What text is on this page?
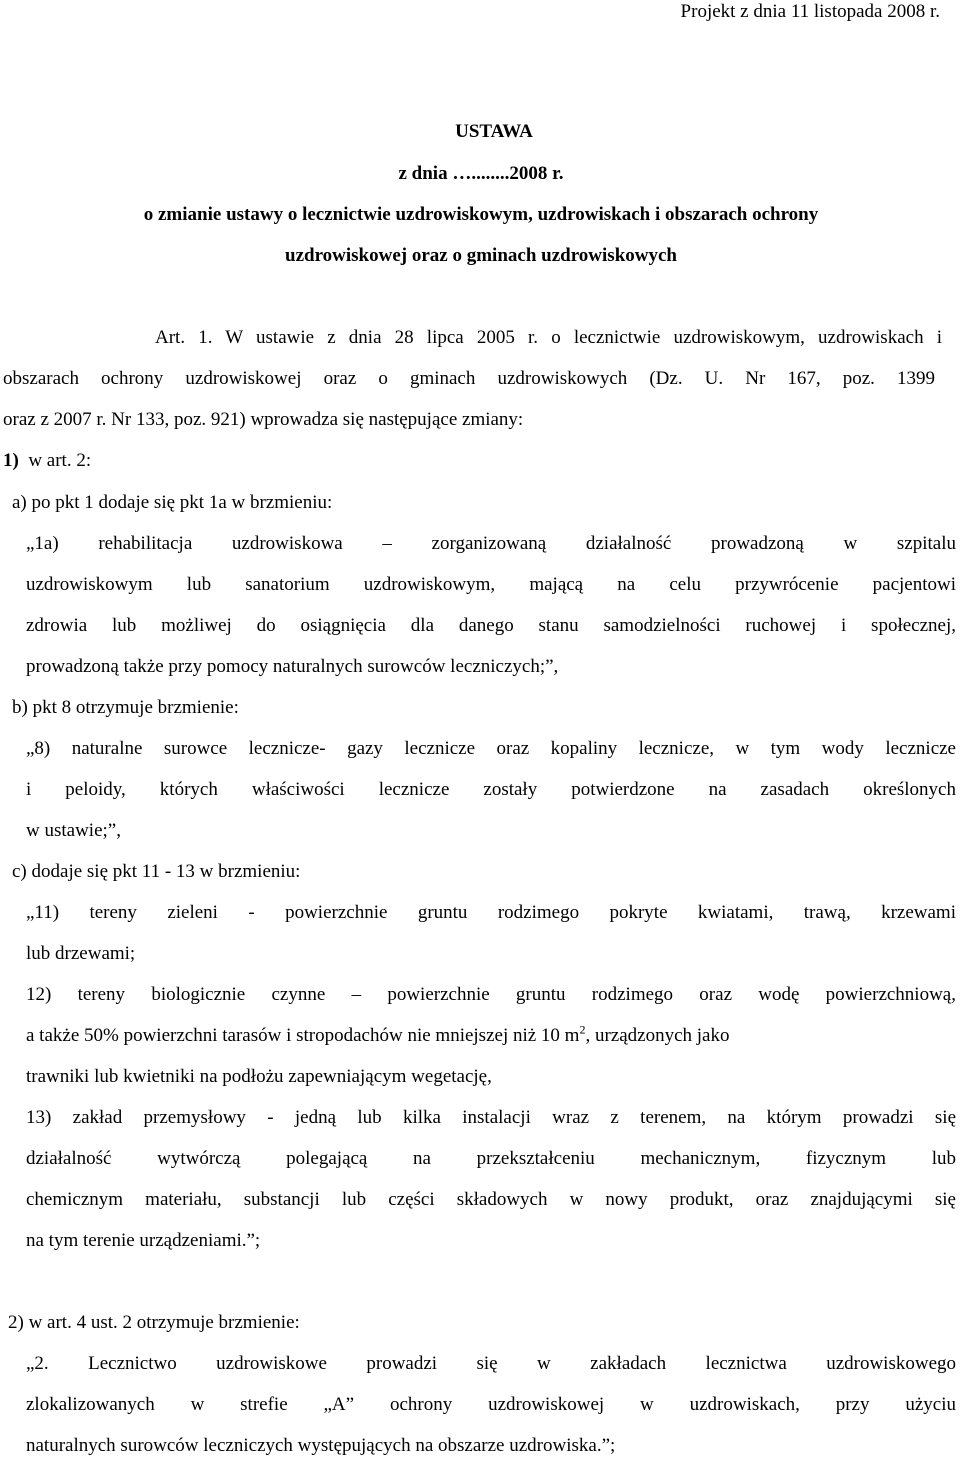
Projekt z dnia 11 listopada 2008 r.
USTAWA
z dnia …........2008 r.
o zmianie ustawy o lecznictwie uzdrowiskowym, uzdrowiskach i obszarach ochrony
uzdrowiskowej oraz o gminach uzdrowiskowych
Art. 1. W ustawie z dnia 28 lipca 2005 r. o lecznictwie uzdrowiskowym, uzdrowiskach i
obszarach ochrony uzdrowiskowej oraz o gminach uzdrowiskowych (Dz. U. Nr 167, poz. 1399
oraz z 2007 r. Nr 133, poz. 921) wprowadza się następujące zmiany:
1) w art. 2:
a) po pkt 1 dodaje się pkt 1a w brzmieniu:
„1a) rehabilitacja uzdrowiskowa – zorganizowaną działalność prowadzoną w szpitalu
uzdrowiskowym lub sanatorium uzdrowiskowym, mającą na celu przywrócenie pacjentowi
zdrowia lub możliwej do osiągnięcia dla danego stanu samodzielności ruchowej i społecznej,
prowadzoną także przy pomocy naturalnych surowców leczniczych;”,
b) pkt 8 otrzymuje brzmienie:
„8) naturalne surowce lecznicze- gazy lecznicze oraz kopaliny lecznicze, w tym wody lecznicze
i peloidy, których właściwości lecznicze zostały potwierdzone na zasadach określonych
w ustawie;”,
c) dodaje się pkt 11 - 13 w brzmieniu:
„11) tereny zieleni - powierzchnie gruntu rodzimego pokryte kwiatami, trawą, krzewami
lub drzewami;
12) tereny biologicznie czynne – powierzchnie gruntu rodzimego oraz wodę powierzchniową,
a także 50% powierzchni tarasów i stropodachów nie mniejszej niż 10 $m^2$, urządzonych jako
trawniki lub kwietniki na podłożu zapewniającym wegetację,
13) zakład przemysłowy - jedną lub kilka instalacji wraz z terenem, na którym prowadzi się
działalność wytwórczą polegającą na przekształceniu mechanicznym, fizycznym lub
chemicznym materiału, substancji lub części składowych w nowy produkt, oraz znajdującymi się
na tym terenie urządzeniami.”;
2) w art. 4 ust. 2 otrzymuje brzmienie:
„2. Lecznictwo uzdrowiskowe prowadzi się w zakładach lecznictwa uzdrowiskowego
zlokalizowanych w strefie „A” ochrony uzdrowiskowej w uzdrowiskach, przy użyciu
naturalnych surowców leczniczych występujących na obszarze uzdrowiska.”;
